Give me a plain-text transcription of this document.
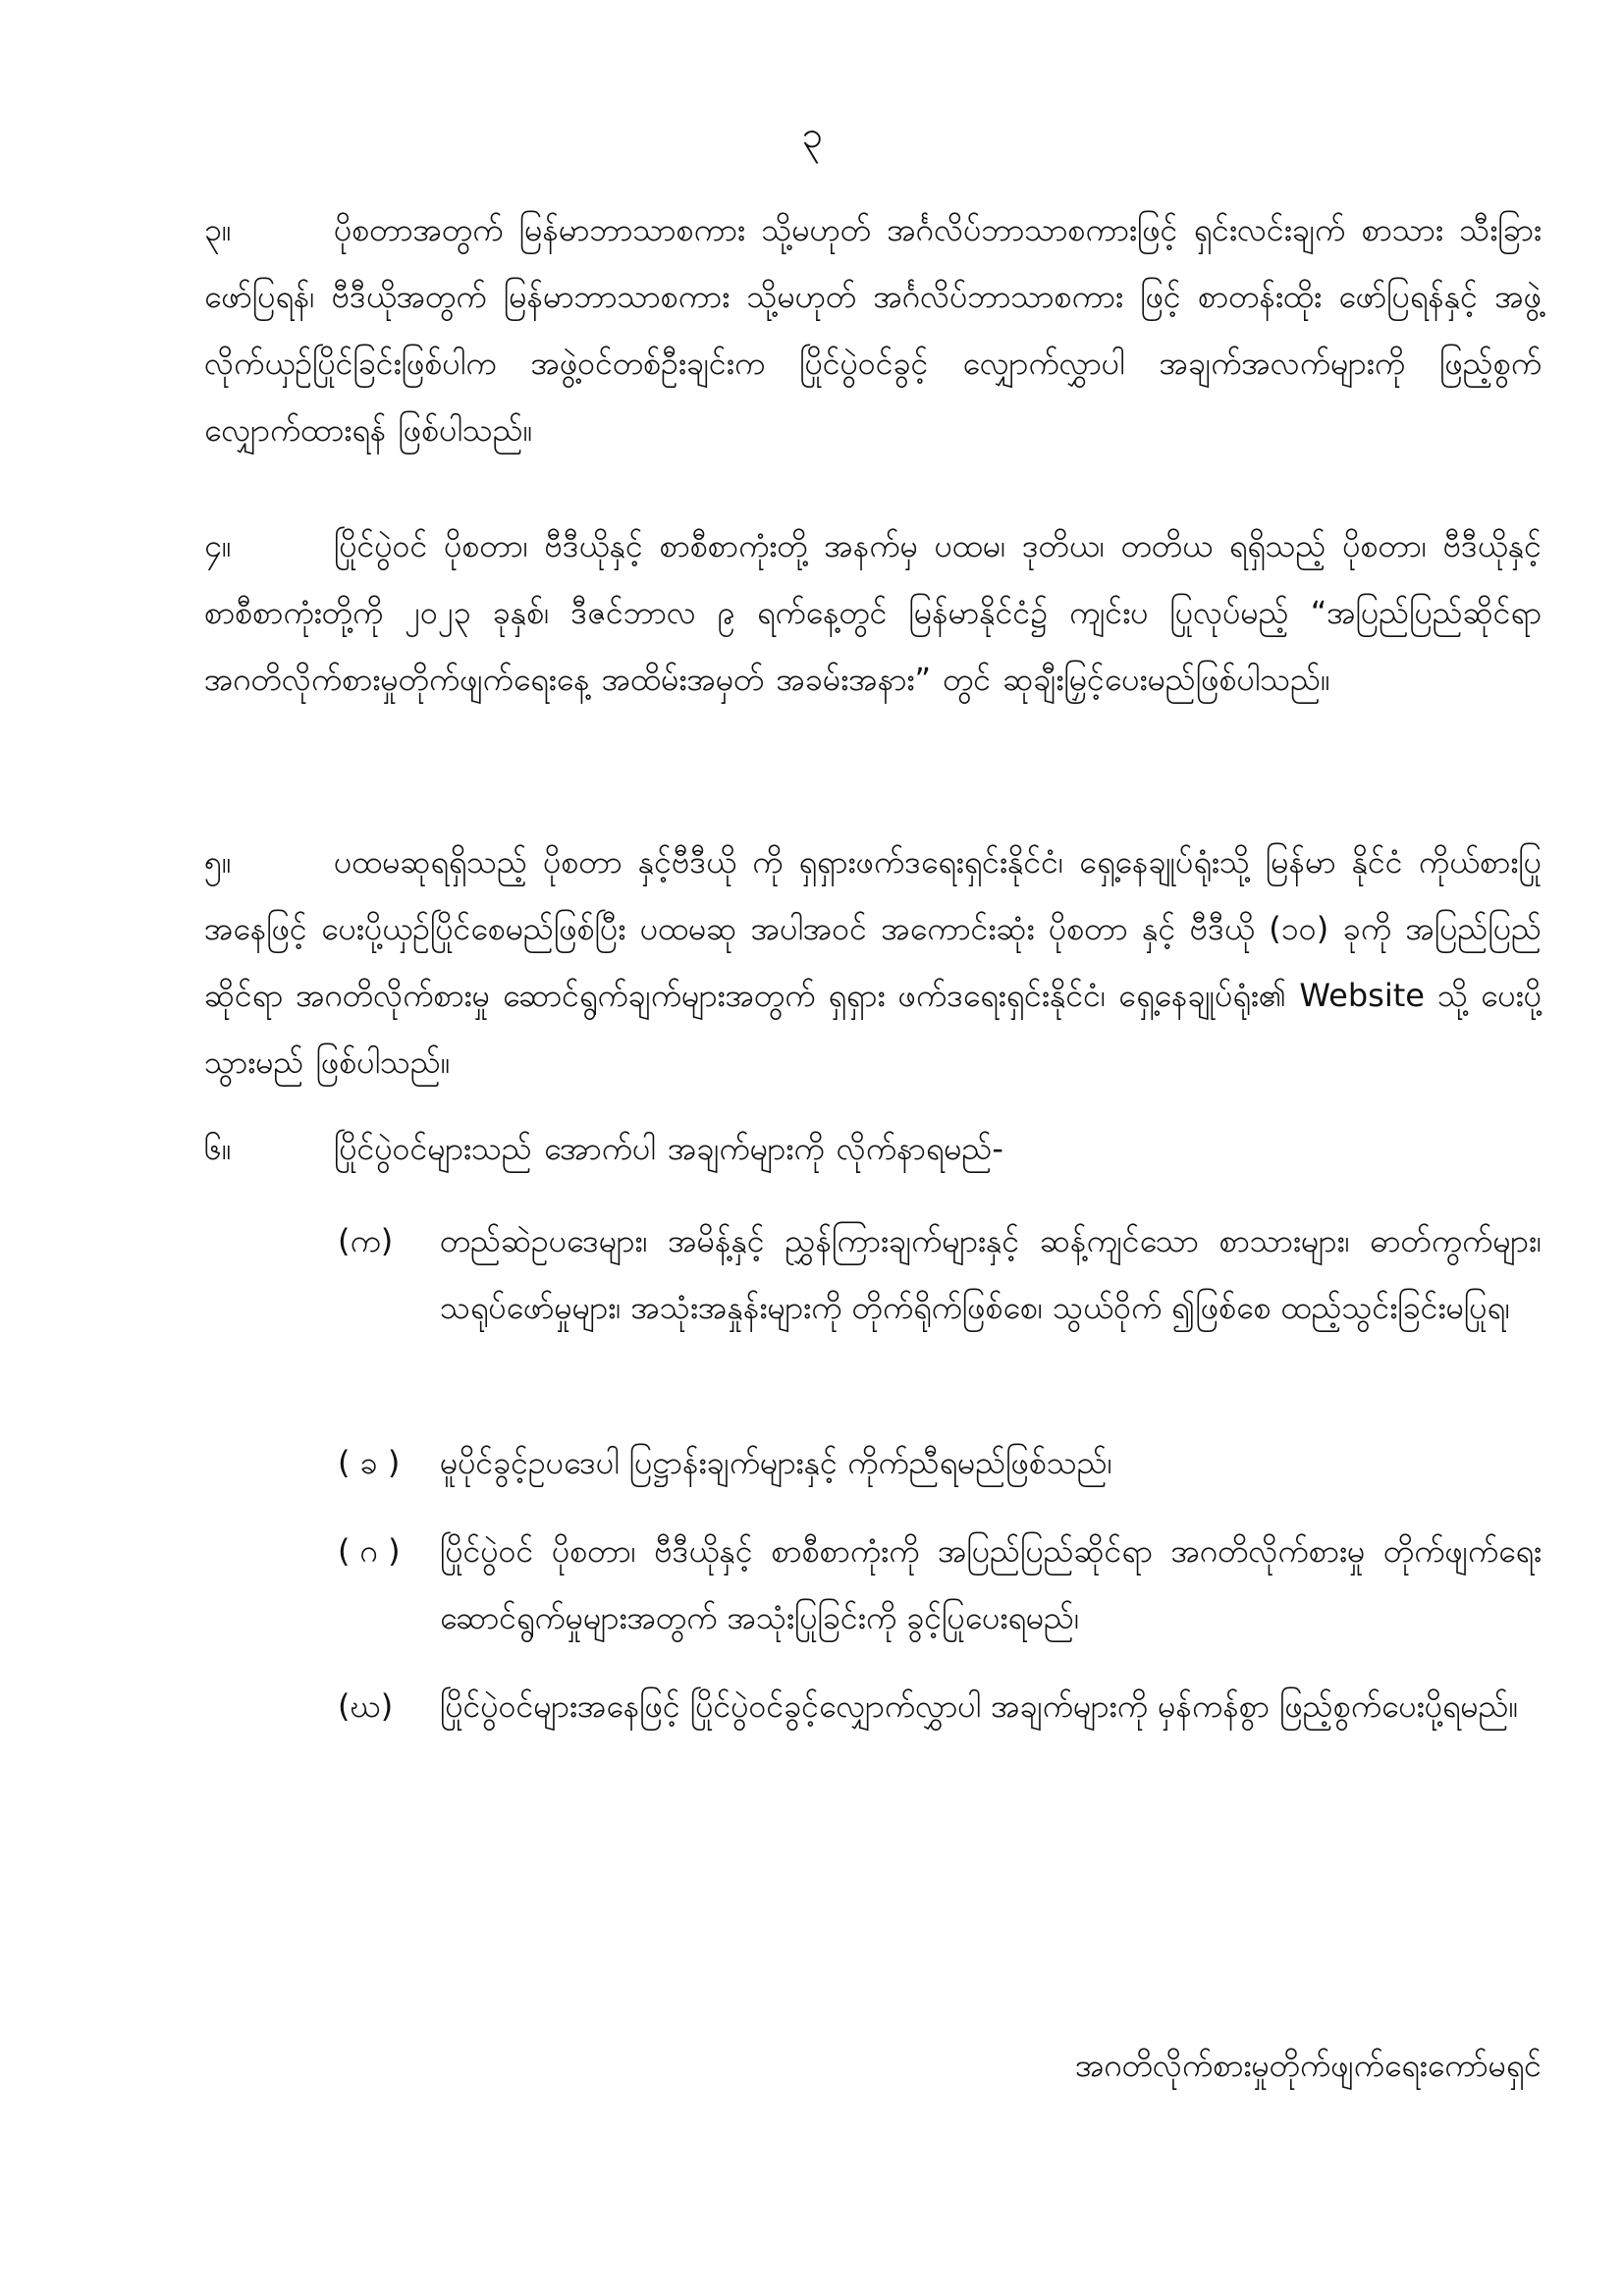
၃
၃။	ပိုစတာအတွက် မြန်မာဘာသာစကား သို့မဟုတ် အင်္ဂလိပ်ဘာသာစကားဖြင့် ရှင်းလင်းချက် စာသား သီးခြားဖော်ပြရန်၊ ဗီဒီယိုအတွက် မြန်မာဘာသာစကား သို့မဟုတ် အင်္ဂလိပ်ဘာသာစကား ဖြင့် စာတန်းထိုး ဖော်ပြရန်နှင့် အဖွဲ့လိုက်ယှဉ်ပြိုင်ခြင်းဖြစ်ပါက အဖွဲ့ဝင်တစ်ဦးချင်းက ပြိုင်ပွဲဝင်ခွင့် လျှောက်လွှာပါ အချက်အလက်များကို ဖြည့်စွက်လျှောက်ထားရန် ဖြစ်ပါသည်။
၄။	ပြိုင်ပွဲဝင် ပိုစတာ၊ ဗီဒီယိုနှင့် စာစီစာကုံးတို့ အနက်မှ ပထမ၊ ဒုတိယ၊ တတိယ ရရှိသည့် ပိုစတာ၊ ဗီဒီယိုနှင့် စာစီစာကုံးတို့ကို ၂၀၂၃ ခုနှစ်၊ ဒီဇင်ဘာလ ၉ ရက်နေ့တွင် မြန်မာနိုင်ငံ၌ ကျင်းပ ပြုလုပ်မည့် “အပြည်ပြည်ဆိုင်ရာ အဂတိလိုက်စားမှုတိုက်ဖျက်ရေးနေ့ အထိမ်းအမှတ် အခမ်းအနား” တွင် ဆုချီးမြှင့်ပေးမည်ဖြစ်ပါသည်။
၅။	ပထမဆုရရှိသည့် ပိုစတာ နှင့်ဗီဒီယို ကို ရှရှားဖက်ဒရေးရှင်းနိုင်ငံ၊ ရှေ့နေချုပ်ရုံးသို့ မြန်မာ နိုင်ငံ ကိုယ်စားပြုအနေဖြင့် ပေးပို့ယှဉ်ပြိုင်စေမည်ဖြစ်ပြီး ပထမဆု အပါအဝင် အကောင်းဆုံး ပိုစတာ နှင့် ဗီဒီယို (၁၀) ခုကို အပြည်ပြည်ဆိုင်ရာ အဂတိလိုက်စားမှု ဆောင်ရွက်ချက်များအတွက် ရှရှား ဖက်ဒရေးရှင်းနိုင်ငံ၊ ရှေ့နေချုပ်ရုံး၏ Website သို့ ပေးပို့သွားမည် ဖြစ်ပါသည်။
၆။	ပြိုင်ပွဲဝင်များသည် အောက်ပါ အချက်များကို လိုက်နာရမည်-
(က)	တည်ဆဲဥပဒေများ၊ အမိန့်နှင့် ညွှန်ကြားချက်များနှင့် ဆန့်ကျင်သော စာသားများ၊ ဓာတ်ကွက်များ၊ သရုပ်ဖော်မှုများ၊ အသုံးအနှုန်းများကို တိုက်ရိုက်ဖြစ်စေ၊ သွယ်ဝိုက် ၍ဖြစ်စေ ထည့်သွင်းခြင်းမပြုရ၊
( ခ )	မူပိုင်ခွင့်ဥပဒေပါ ပြဋ္ဌာန်းချက်များနှင့် ကိုက်ညီရမည်ဖြစ်သည်၊
( ဂ )	ပြိုင်ပွဲဝင် ပိုစတာ၊ ဗီဒီယိုနှင့် စာစီစာကုံးကို အပြည်ပြည်ဆိုင်ရာ အဂတိလိုက်စားမှု တိုက်ဖျက်ရေးဆောင်ရွက်မှုများအတွက် အသုံးပြုခြင်းကို ခွင့်ပြုပေးရမည်၊
(ဃ)	ပြိုင်ပွဲဝင်များအနေဖြင့် ပြိုင်ပွဲဝင်ခွင့်လျှောက်လွှာပါ အချက်များကို မှန်ကန်စွာ ဖြည့်စွက်ပေးပို့ရမည်။
အဂတိလိုက်စားမှုတိုက်ဖျက်ရေးကော်မရှင်
